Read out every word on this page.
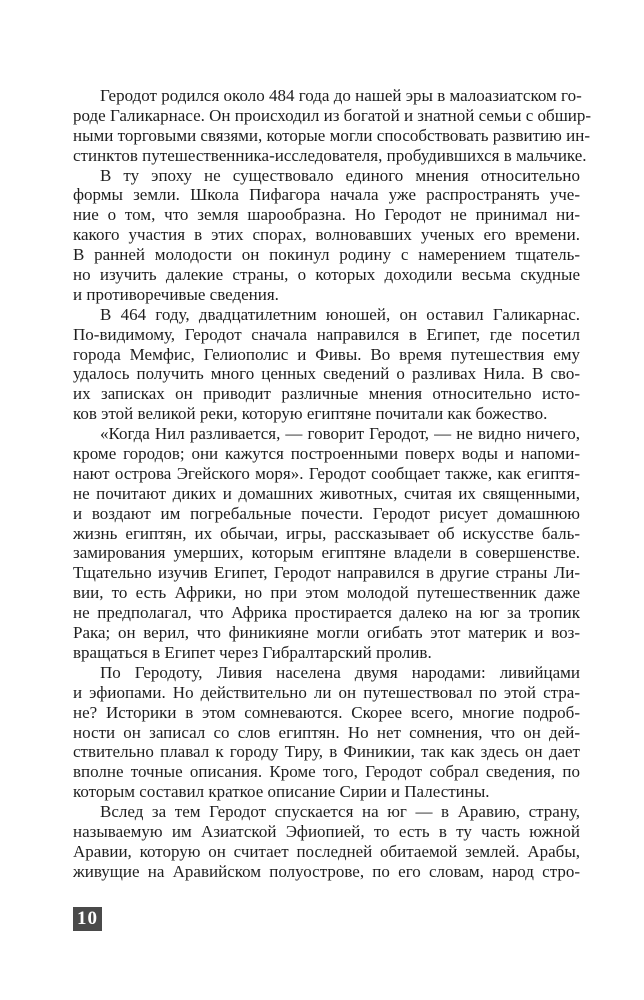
Геродот родился около 484 года до нашей эры в малоазиатском го-
роде Галикарнасе. Он происходил из богатой и знатной семьи с обшир-
ными торговыми связями, которые могли способствовать развитию ин-
стинктов путешественника-исследователя, пробудившихся в мальчике.
В ту эпоху не существовало единого мнения относительно
формы земли. Школа Пифагора начала уже распространять уче-
ние о том, что земля шарообразна. Но Геродот не принимал ни-
какого участия в этих спорах, волновавших ученых его времени.
В ранней молодости он покинул родину с намерением тщатель-
но изучить далекие страны, о которых доходили весьма скудные
и противоречивые сведения.
В 464 году, двадцатилетним юношей, он оставил Галикарнас.
По-видимому, Геродот сначала направился в Египет, где посетил
города Мемфис, Гелиополис и Фивы. Во время путешествия ему
удалось получить много ценных сведений о разливах Нила. В сво-
их записках он приводит различные мнения относительно исто-
ков этой великой реки, которую египтяне почитали как божество.
«Когда Нил разливается, — говорит Геродот, — не видно ничего,
кроме городов; они кажутся построенными поверх воды и напоми-
нают острова Эгейского моря». Геродот сообщает также, как египтя-
не почитают диких и домашних животных, считая их священными,
и воздают им погребальные почести. Геродот рисует домашнюю
жизнь египтян, их обычаи, игры, рассказывает об искусстве баль-
замирования умерших, которым египтяне владели в совершенстве.
Тщательно изучив Египет, Геродот направился в другие страны Ли-
вии, то есть Африки, но при этом молодой путешественник даже
не предполагал, что Африка простирается далеко на юг за тропик
Рака; он верил, что финикияне могли огибать этот материк и воз-
вращаться в Египет через Гибралтарский пролив.
По Геродоту, Ливия населена двумя народами: ливийцами
и эфиопами. Но действительно ли он путешествовал по этой стра-
не? Историки в этом сомневаются. Скорее всего, многие подроб-
ности он записал со слов египтян. Но нет сомнения, что он дей-
ствительно плавал к городу Тиру, в Финикии, так как здесь он дает
вполне точные описания. Кроме того, Геродот собрал сведения, по
которым составил краткое описание Сирии и Палестины.
Вслед за тем Геродот спускается на юг — в Аравию, страну,
называемую им Азиатской Эфиопией, то есть в ту часть южной
Аравии, которую он считает последней обитаемой землей. Арабы,
живущие на Аравийском полуострове, по его словам, народ стро-
10
